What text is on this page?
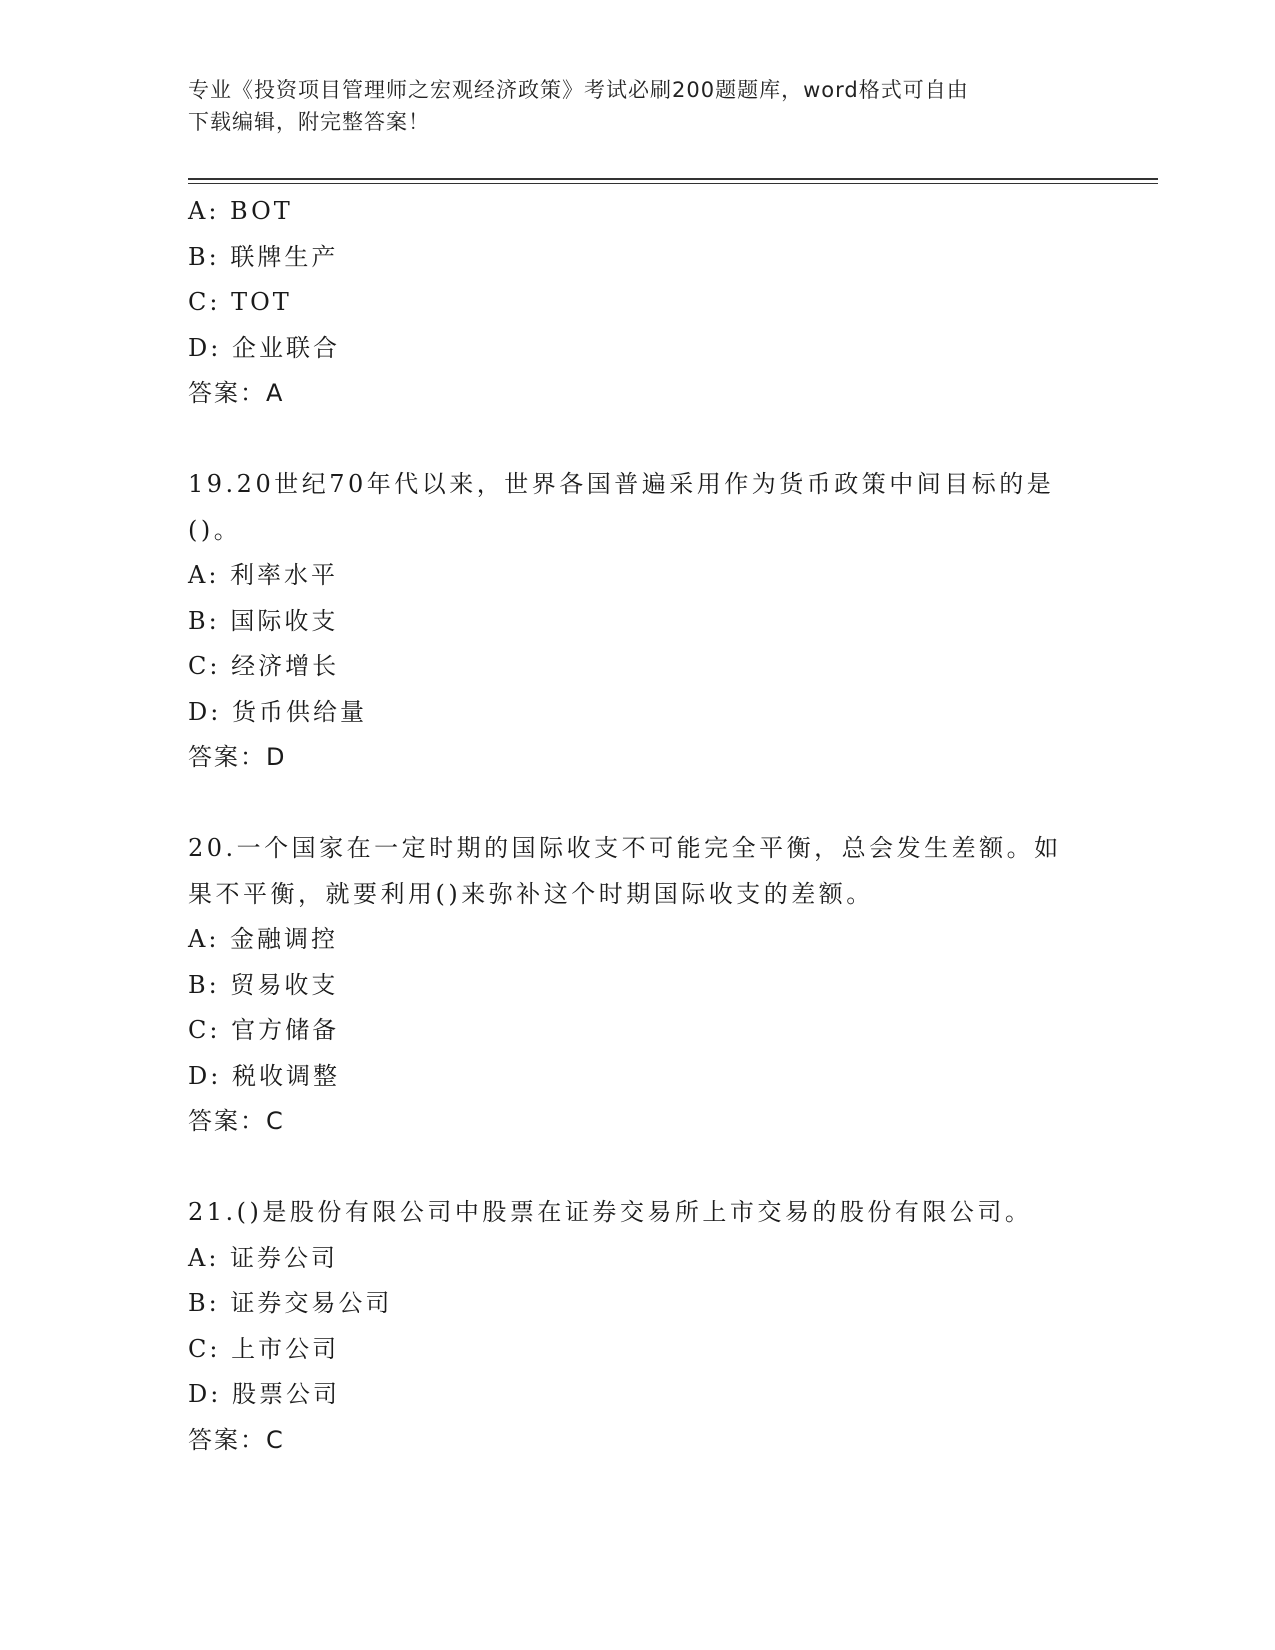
专业《投资项目管理师之宏观经济政策》考试必刷200题题库，word格式可自由
下载编辑，附完整答案！
A: BOT
B: 联牌生产
C: TOT
D: 企业联合
答案：A
19.20世纪70年代以来，世界各国普遍采用作为货币政策中间目标的是()。
A: 利率水平
B: 国际收支
C: 经济增长
D: 货币供给量
答案：D
20.一个国家在一定时期的国际收支不可能完全平衡，总会发生差额。如果不平衡，就要利用()来弥补这个时期国际收支的差额。
A: 金融调控
B: 贸易收支
C: 官方储备
D: 税收调整
答案：C
21.()是股份有限公司中股票在证券交易所上市交易的股份有限公司。
A: 证券公司
B: 证券交易公司
C: 上市公司
D: 股票公司
答案：C
